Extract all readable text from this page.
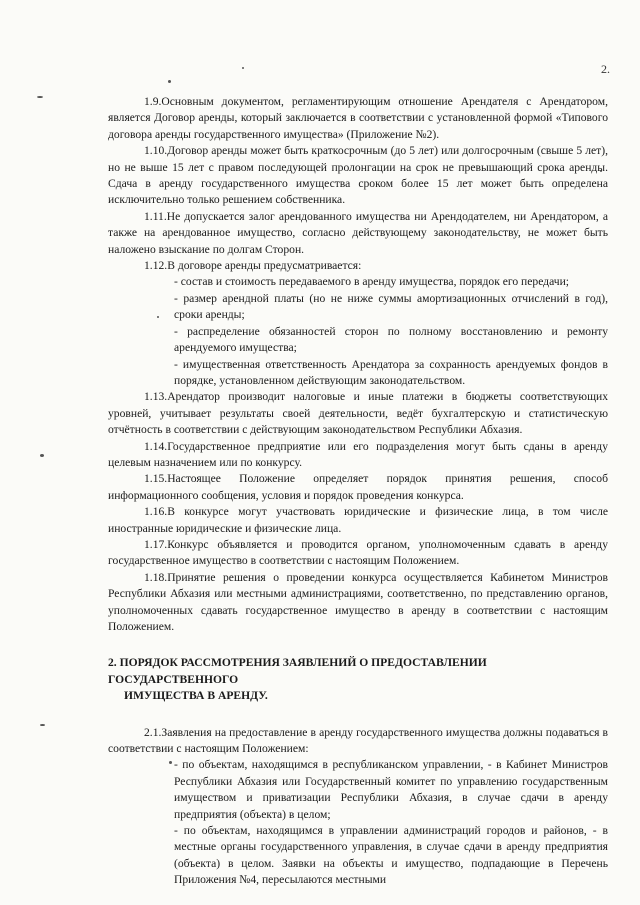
2.

1.9.Основным документом, регламентирующим отношение Арендателя с Арендатором, является Договор аренды, который заключается в соответствии с установленной формой «Типового договора аренды государственного имущества» (Приложение №2).

1.10.Договор аренды может быть краткосрочным (до 5 лет) или долгосрочным (свыше 5 лет), но не выше 15 лет с правом последующей пролонгации на срок не превышающий срока аренды. Сдача в аренду государственного имущества сроком более 15 лет может быть определена исключительно только решением собственника.

1.11.Не допускается залог арендованного имущества ни Арендодателем, ни Арендатором, а также на арендованное имущество, согласно действующему законодательству, не может быть наложено взыскание по долгам Сторон.

1.12.В договоре аренды предусматривается:

- состав и стоимость передаваемого в аренду имущества, порядок его передачи;

- размер арендной платы (но не ниже суммы амортизационных отчислений в год), сроки аренды;

- распределение обязанностей сторон по полному восстановлению и ремонту арендуемого имущества;

- имущественная ответственность Арендатора за сохранность арендуемых фондов в порядке, установленном действующим законодательством.

1.13.Арендатор производит налоговые и иные платежи в бюджеты соответствующих уровней, учитывает результаты своей деятельности, ведёт бухгалтерскую и статистическую отчётность в соответствии с действующим законодательством Республики Абхазия.

1.14.Государственное предприятие или его подразделения могут быть сданы в аренду целевым назначением или по конкурсу.

1.15.Настоящее Положение определяет порядок принятия решения, способ информационного сообщения, условия и порядок проведения конкурса.

1.16.В конкурсе могут участвовать юридические и физические лица, в том числе иностранные юридические и физические лица.

1.17.Конкурс объявляется и проводится органом, уполномоченным сдавать в аренду государственное имущество в соответствии с настоящим Положением.

1.18.Принятие решения о проведении конкурса осуществляется Кабинетом Министров Республики Абхазия или местными администрациями, соответственно, по представлению органов, уполномоченных сдавать государственное имущество в аренду в соответствии с настоящим Положением.

2. ПОРЯДОК РАССМОТРЕНИЯ ЗАЯВЛЕНИЙ О ПРЕДОСТАВЛЕНИИ ГОСУДАРСТВЕННОГО
ИМУЩЕСТВА В АРЕНДУ.

2.1.Заявления на предоставление в аренду государственного имущества должны подаваться в соответствии с настоящим Положением:

- по объектам, находящимся в республиканском управлении, - в Кабинет Министров Республики Абхазия или Государственный комитет по управлению государственным имуществом и приватизации Республики Абхазия, в случае сдачи в аренду предприятия (объекта) в целом;

- по объектам, находящимся в управлении администраций городов и районов, - в местные органы государственного управления, в случае сдачи в аренду предприятия (объекта) в целом. Заявки на объекты и имущество, подпадающие в Перечень Приложения №4, пересылаются местными
